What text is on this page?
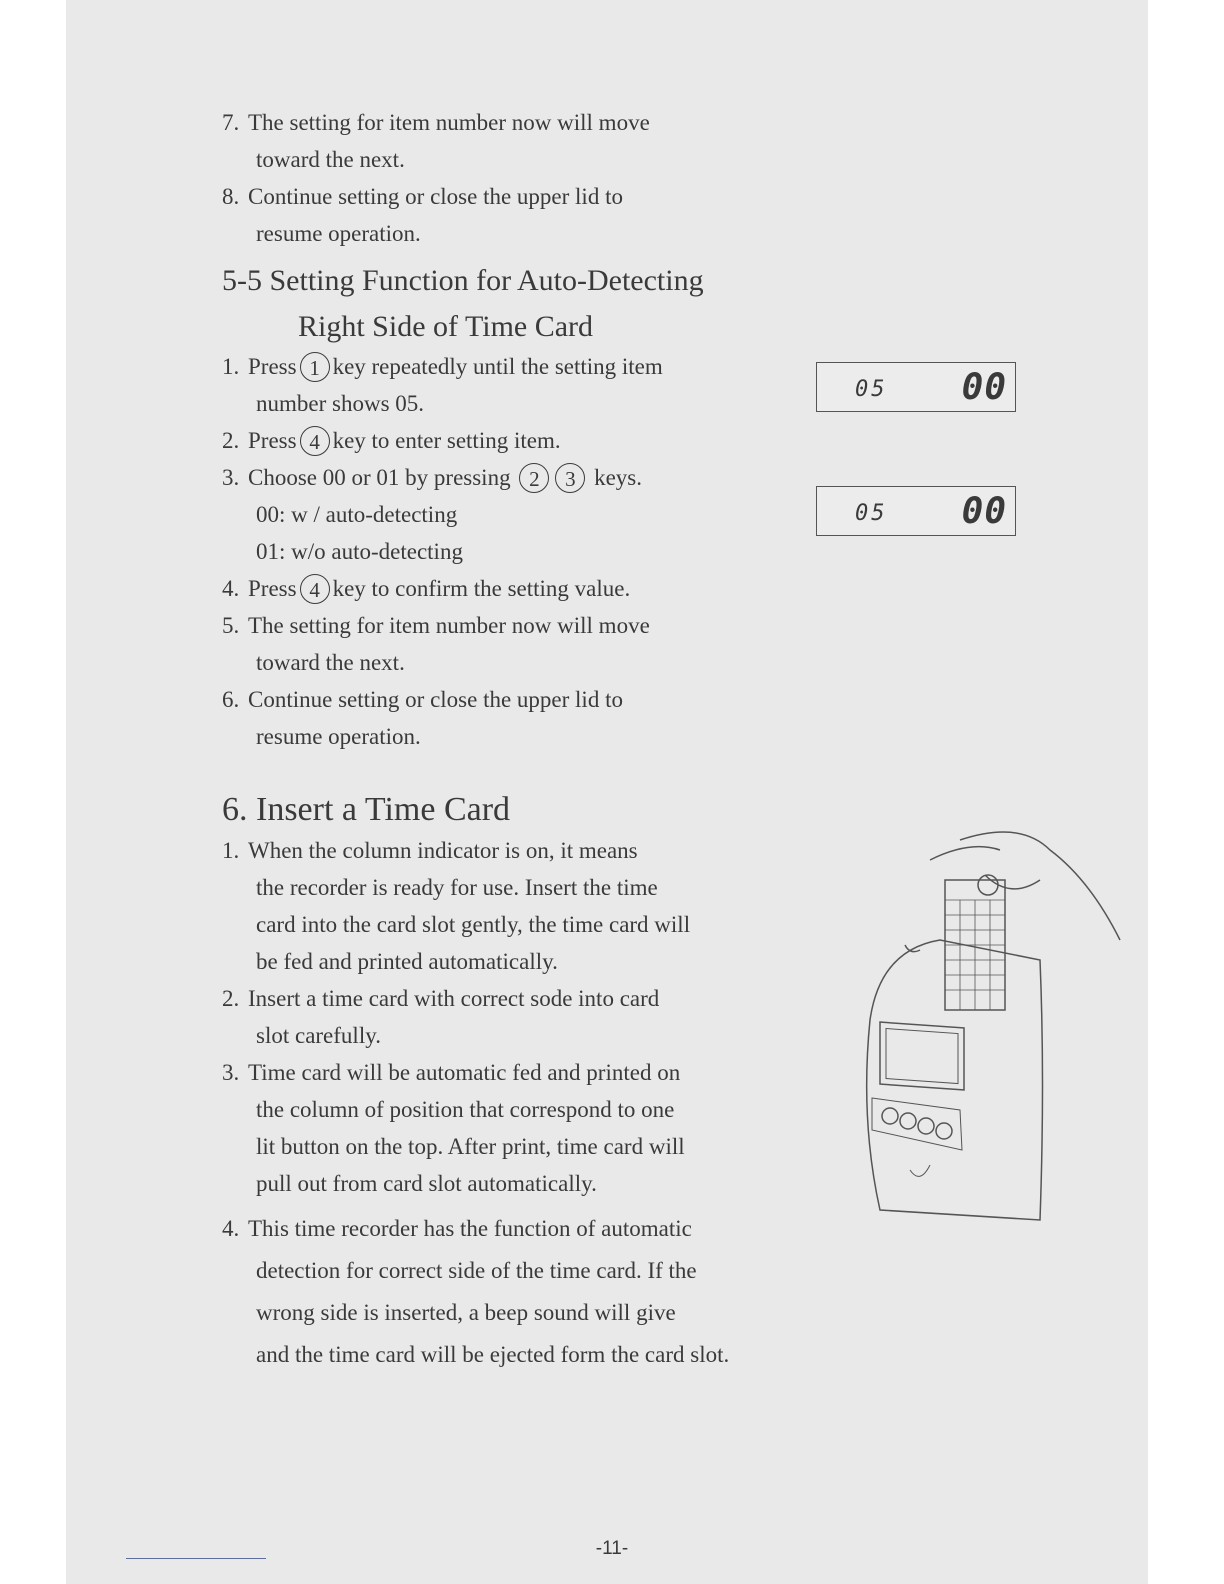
7. The setting for item number now will move
toward the next.
8. Continue setting or close the upper lid to
resume operation.
5-5 Setting Function for Auto-Detecting
Right Side of Time Card
1. Press 1 key repeatedly until the setting item
number shows 05.
2. Press 4 key to enter setting item.
3. Choose 00 or 01 by pressing 2 3 keys.
00: w / auto-detecting
01: w/o auto-detecting
4. Press 4 key to confirm the setting value.
5. The setting for item number now will move
toward the next.
6. Continue setting or close the upper lid to
resume operation.
05 00
05 00
6. Insert a Time Card
1. When the column indicator is on, it means
the recorder is ready for use. Insert the time
card into the card slot gently, the time card will
be fed and printed automatically.
2. Insert a time card with correct sode into card
slot carefully.
3. Time card will be automatic fed and printed on
the column of position that correspond to one
lit button on the top. After print, time card will
pull out from card slot automatically.
4. This time recorder has the function of automatic
detection for correct side of the time card. If the
wrong side is inserted, a beep sound will give
and the time card will be ejected form the card slot.
-11-
